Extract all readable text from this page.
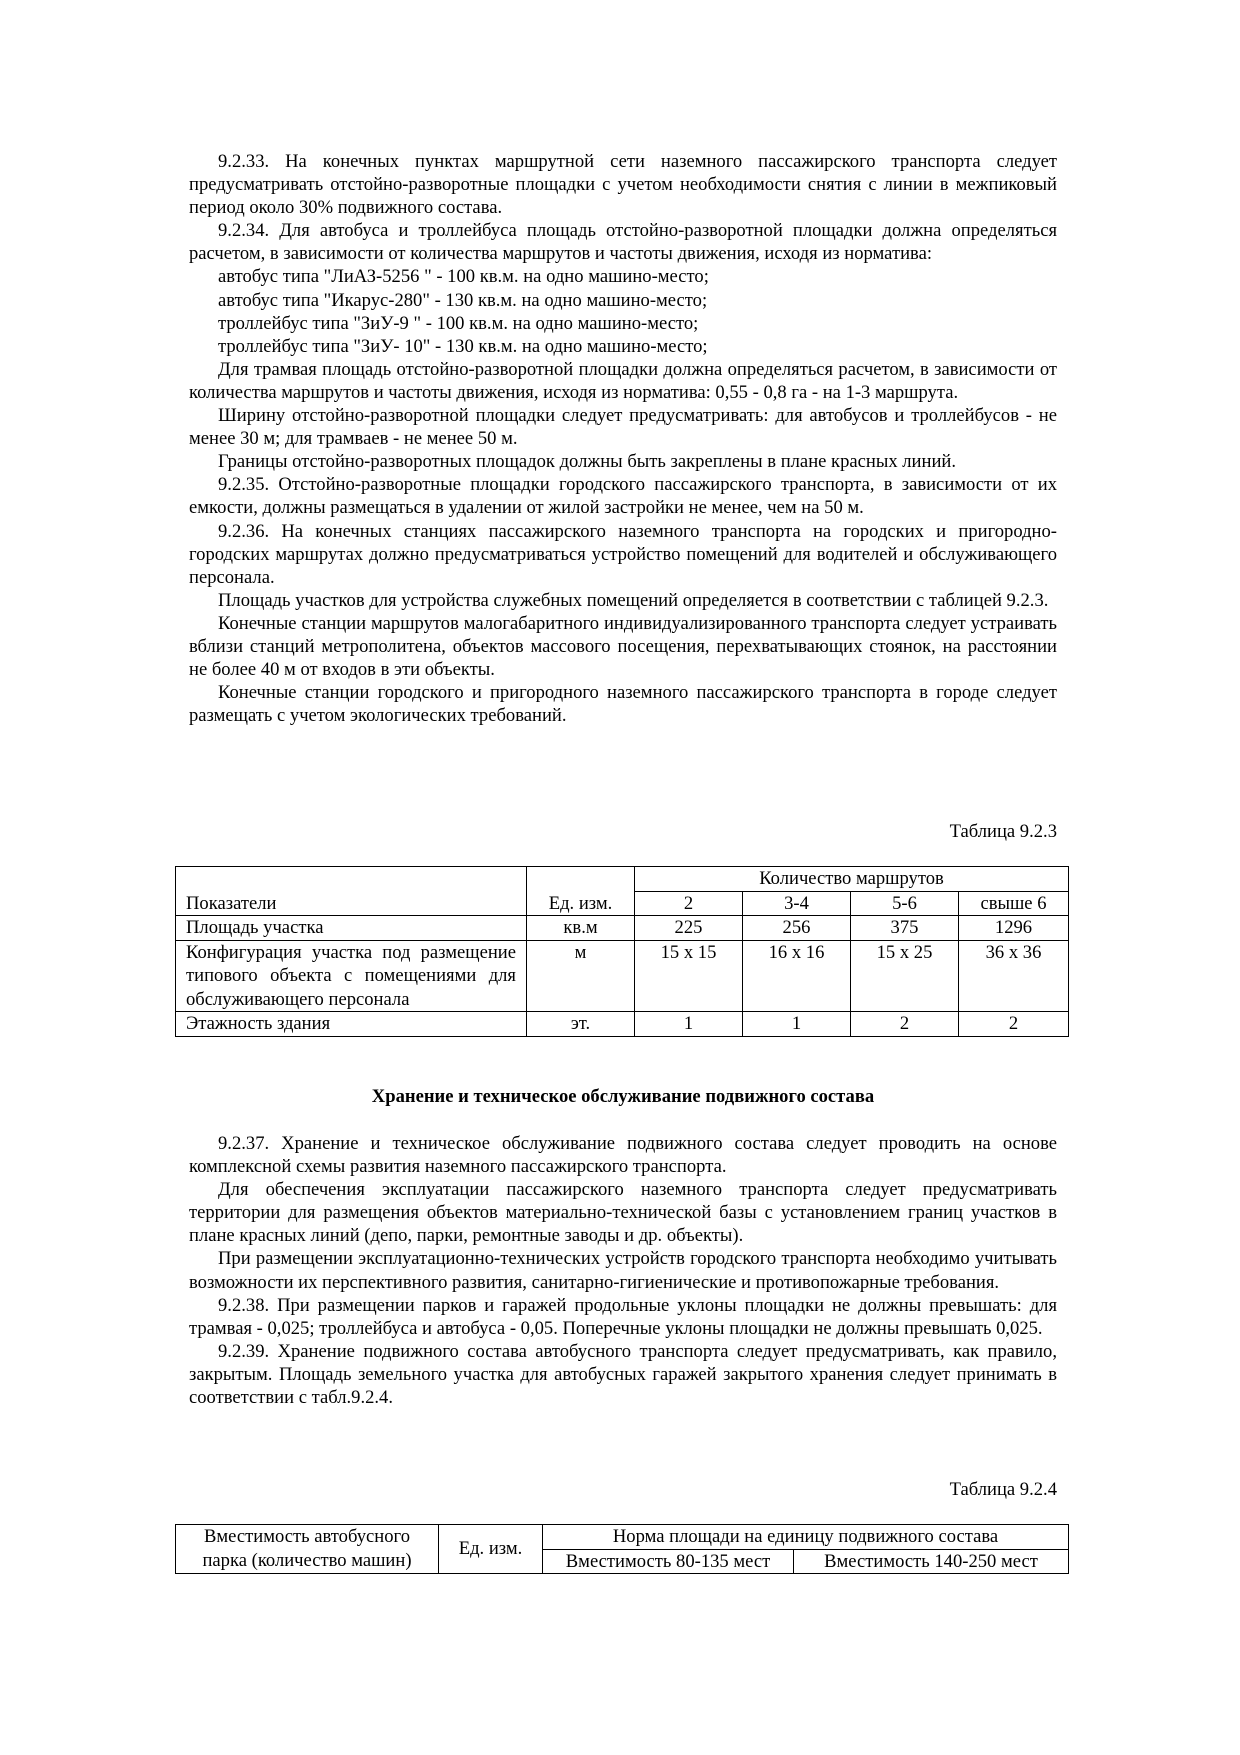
9.2.33. На конечных пунктах маршрутной сети наземного пассажирского транспорта следует предусматривать отстойно-разворотные площадки с учетом необходимости снятия с линии в межпиковый период около 30% подвижного состава.

9.2.34. Для автобуса и троллейбуса площадь отстойно-разворотной площадки должна определяться расчетом, в зависимости от количества маршрутов и частоты движения, исходя из норматива:

автобус типа "ЛиАЗ-5256 " - 100 кв.м. на одно машино-место;

автобус типа "Икарус-280" - 130 кв.м. на одно машино-место;

троллейбус типа "ЗиУ-9 " - 100 кв.м. на одно машино-место;

троллейбус типа "ЗиУ- 10" - 130 кв.м. на одно машино-место;

Для трамвая площадь отстойно-разворотной площадки должна определяться расчетом, в зависимости от количества маршрутов и частоты движения, исходя из норматива: 0,55 - 0,8 га - на 1-3 маршрута.

Ширину отстойно-разворотной площадки следует предусматривать: для автобусов и троллейбусов - не менее 30 м; для трамваев - не менее 50 м.

Границы отстойно-разворотных площадок должны быть закреплены в плане красных линий.

9.2.35. Отстойно-разворотные площадки городского пассажирского транспорта, в зависимости от их емкости, должны размещаться в удалении от жилой застройки не менее, чем на 50 м.

9.2.36. На конечных станциях пассажирского наземного транспорта на городских и пригородно-городских маршрутах должно предусматриваться устройство помещений для водителей и обслуживающего персонала.

Площадь участков для устройства служебных помещений определяется в соответствии с таблицей 9.2.3.

Конечные станции маршрутов малогабаритного индивидуализированного транспорта следует устраивать вблизи станций метрополитена, объектов массового посещения, перехватывающих стоянок, на расстоянии не более 40 м от входов в эти объекты.

Конечные станции городского и пригородного наземного пассажирского транспорта в городе следует размещать с учетом экологических требований.

Таблица 9.2.3
Показатели	Ед. изм.	Количество маршрутов			
		2	3-4	5-6	свыше 6
Площадь участка	кв.м	225	256	375	1296
Конфигурация участка под размещение типового объекта с помещениями для обслуживающего персонала	м	15 х 15	16 х 16	15 х 25	36 х 36
Этажность здания	эт.	1	1	2	2
Хранение и техническое обслуживание подвижного состава

9.2.37. Хранение и техническое обслуживание подвижного состава следует проводить на основе комплексной схемы развития наземного пассажирского транспорта.

Для обеспечения эксплуатации пассажирского наземного транспорта следует предусматривать территории для размещения объектов материально-технической базы с установлением границ участков в плане красных линий (депо, парки, ремонтные заводы и др. объекты).

При размещении эксплуатационно-технических устройств городского транспорта необходимо учитывать возможности их перспективного развития, санитарно-гигиенические и противопожарные требования.

9.2.38. При размещении парков и гаражей продольные уклоны площадки не должны превышать: для трамвая - 0,025; троллейбуса и автобуса - 0,05. Поперечные уклоны площадки не должны превышать 0,025.

9.2.39. Хранение подвижного состава автобусного транспорта следует предусматривать, как правило, закрытым. Площадь земельного участка для автобусных гаражей закрытого хранения следует принимать в соответствии с табл.9.2.4.

Таблица 9.2.4
Вместимость автобусного парка (количество машин)	Ед. изм.	Норма площади на единицу подвижного состава	
		Вместимость 80-135 мест	Вместимость 140-250 мест
